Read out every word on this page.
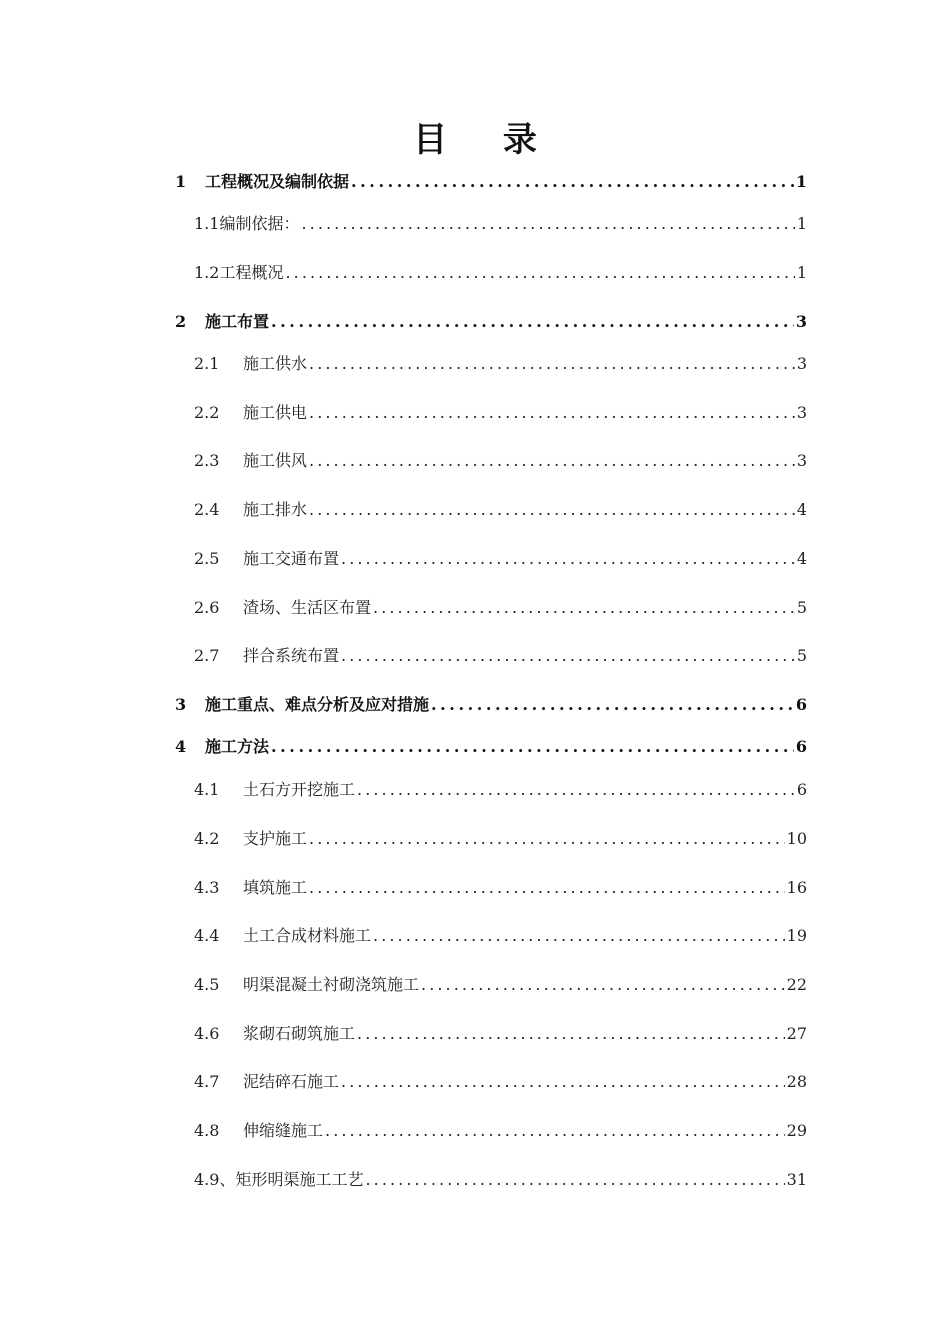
目 录
1	工程概况及编制依据 . . .	1
1.1 编制依据： . . .	1
1.2 工程概况 . . .	1
2	施工布置 . . .	3
2.1	施工供水 . . .	3
2.2	施工供电 . . .	3
2.3	施工供风 . . .	3
2.4	施工排水 . . .	4
2.5	施工交通布置 . . .	4
2.6	渣场、生活区布置 . . .	5
2.7	拌合系统布置 . . .	5
3	施工重点、难点分析及应对措施 . . .	6
4	施工方法 . . .	6
4.1	土石方开挖施工 . . .	6
4.2	支护施工 . . .	10
4.3	填筑施工 . . .	16
4.4	土工合成材料施工 . . .	19
4.5	明渠混凝土衬砌浇筑施工 . . .	22
4.6	浆砌石砌筑施工 . . .	27
4.7	泥结碎石施工 . . .	28
4.8	伸缩缝施工 . . .	29
4.9、 矩形明渠施工工艺 . . .	31
